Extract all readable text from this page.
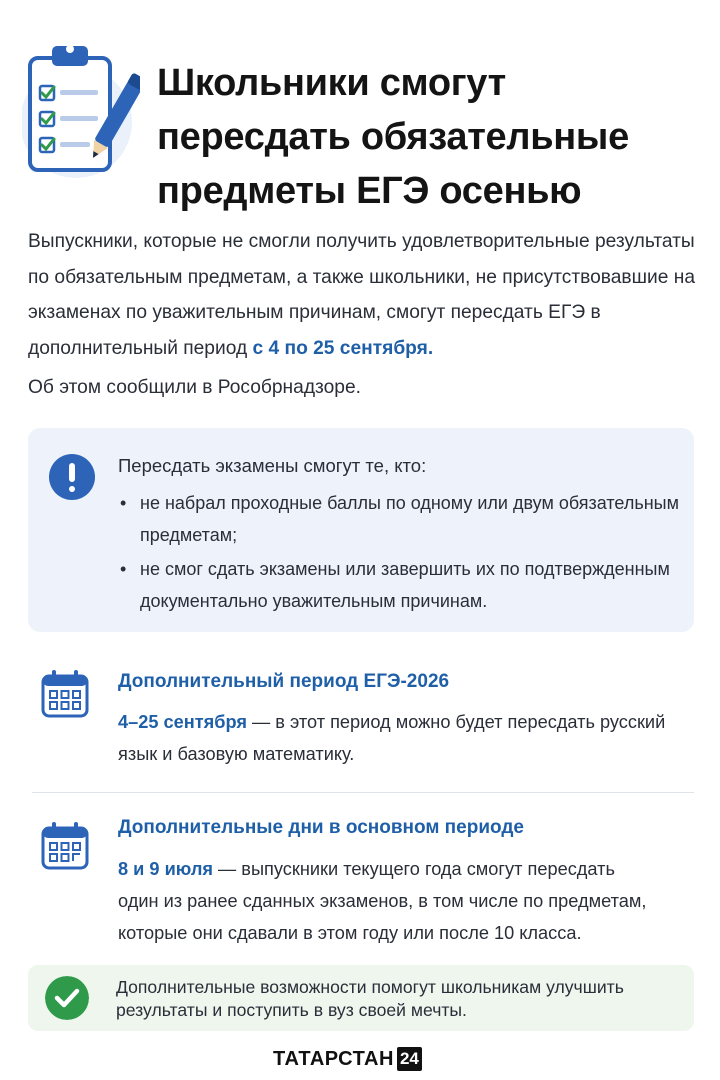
Школьники смогут пересдать обязательные предметы ЕГЭ осенью
Выпускники, которые не смогли получить удовлетворительные результаты по обязательным предметам, а также школьники, не присутствовавшие на экзаменах по уважительным причинам, смогут пересдать ЕГЭ в дополнительный период с 4 по 25 сентября.
Об этом сообщили в Рособрнадзоре.
Пересдать экзамены смогут те, кто:
• не набрал проходные баллы по одному или двум обязательным предметам;
• не смог сдать экзамены или завершить их по подтвержденным документально уважительным причинам.
Дополнительный период ЕГЭ-2026
4–25 сентября — в этот период можно будет пересдать русский язык и базовую математику.
Дополнительные дни в основном периоде
8 и 9 июля — выпускники текущего года смогут пересдать один из ранее сданных экзаменов, в том числе по предметам, которые они сдавали в этом году или после 10 класса.
Дополнительные возможности помогут школьникам улучшить результаты и поступить в вуз своей мечты.
ТАТАРСТАН 24
